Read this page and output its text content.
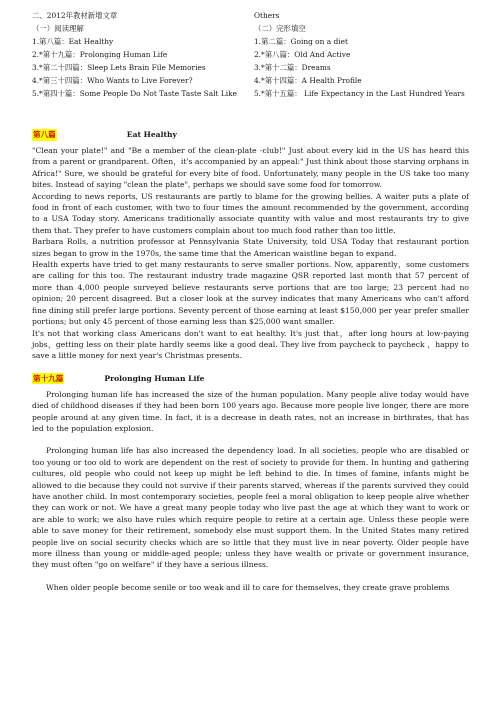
二、2012年教材新增文章	Others
（一）阅读理解	（二）完形填空
1.第八篇：Eat Healthy	1.第二篇：Going on a diet
2.*第十九篇：Prolonging Human Life	2.*第八篇：Old And Active
3.*第二十四篇：Sleep Lets Brain File Memories	3.*第十二篇：Dreams
4.*第三十四篇：Who Wants to Live Forever?	4.*第十四篇：A Health Profile
5.*第四十篇：Some People Do Not Taste Taste Salt Like	5.*第十五篇： Life Expectancy in the Last Hundred Years
第八篇	Eat Healthy

"Clean your plate!" and "Be a member of the clean-plate -club!" Just about every kid in the US has heard this from a parent or grandparent. Often，it's accompanied by an appeal:" Just think about those starving orphans in Africa!" Sure, we should be grateful for every bite of food. Unfortunately, many people in the US take too many bites. Instead of saying "clean the plate", perhaps we should save some food for tomorrow.

According to news reports, US restaurants are partly to blame for the growing bellies. A waiter puts a plate of food in front of each customer, with two to four times the amount recommended by the government, according to a USA Today story. Americans traditionally associate quantity with value and most restaurants try to give them that. They prefer to have customers complain about too much food rather than too little.

Barbara Rolls, a nutrition professor at Pennsylvania State University, told USA Today that restaurant portion sizes began to grow in the 1970s, the same time that the American waistline began to expand.

Health experts have tried to get many restaurants to serve smaller portions. Now, apparently，some customers are calling for this too. The restaurant industry trade magazine QSR reported last month that 57 percent of more than 4,000 people surveyed believe restaurants serve portions that are too large; 23 percent had no opinion; 20 percent disagreed. But a closer look at the survey indicates that many Americans who can't afford fine dining still prefer large portions. Seventy percent of those earning at least $150,000 per year prefer smaller portions; but only 45 percent of those earning less than $25,000 want smaller.

It's not that working class Americans don't want to eat healthy. It's just that，after long hours at low-paying jobs，getting less on their plate hardly seems like a good deal. They live from paycheck to paycheck ，happy to save a little money for next year's Christmas presents.

第十九篇	Prolonging Human Life

Prolonging human life has increased the size of the human population. Many people alive today would have died of childhood diseases if they had been born 100 years ago. Because more people live longer, there are more people around at any given time. In fact, it is a decrease in death rates, not an increase in birthrates, that has led to the population explosion.

Prolonging human life has also increased the dependency load. In all societies, people who are disabled or too young or too old to work are dependent on the rest of society to provide for them. In hunting and gathering cultures, old people who could not keep up might be left behind to die. In times of famine, infants might be allowed to die because they could not survive if their parents starved, whereas if the parents survived they could have another child. In most contemporary societies, people feel a moral obligation to keep people alive whether they can work or not. We have a great many people today who live past the age at which they want to work or are able to work; we also have rules which require people to retire at a certain age. Unless these people were able to save money for their retirement, somebody else must support them. In the United States many retired people live on social security checks which are so little that they must live in near poverty. Older people have more illness than young or middle-aged people; unless they have wealth or private or government insurance, they must often "go on welfare" if they have a serious illness.

When older people become senile or too weak and ill to care for themselves, they create grave problems
